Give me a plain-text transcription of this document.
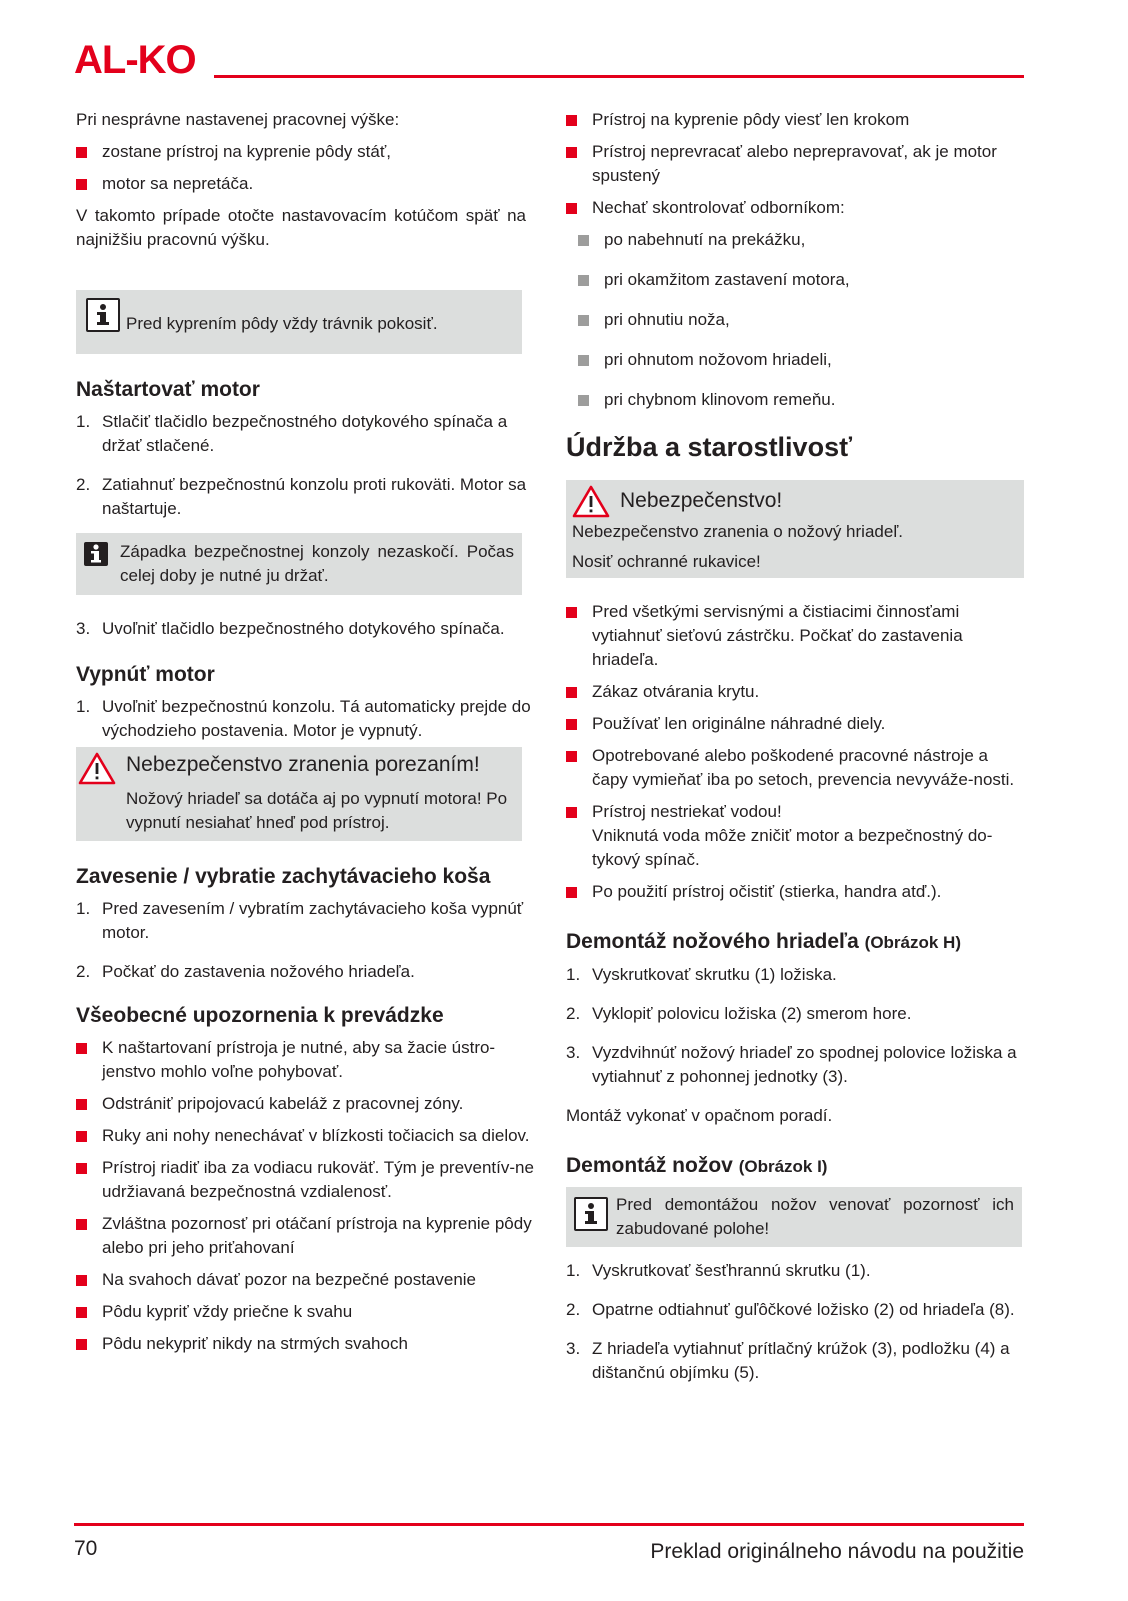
AL-KO

Pri nesprávne nastavenej pracovnej výške:

zostane prístroj na kyprenie pôdy stáť,
motor sa nepretáča.

V takomto prípade otočte nastavovacím kotúčom späť na najnižšiu pracovnú výšku.

Pred kyprením pôdy vždy trávnik pokosiť.
Naštartovať motor
1. Stlačiť tlačidlo bezpečnostného dotykového spínača a držať stlačené.
2. Zatiahnuť bezpečnostnú konzolu proti rukoväti. Motor sa naštartuje.
Západka bezpečnostnej konzoly nezaskočí. Počas celej doby je nutné ju držať.
3. Uvoľniť tlačidlo bezpečnostného dotykového spínača.
Vypnúť motor
1. Uvoľniť bezpečnostnú konzolu. Tá automaticky prejde do východzieho postavenia. Motor je vypnutý.
Nebezpečenstvo zranenia porezaním!
Nožový hriadeľ sa dotáča aj po vypnutí motora! Po vypnutí nesiahať hneď pod prístroj.
Zavesenie / vybratie zachytávacieho koša
1. Pred zavesením / vybratím zachytávacieho koša vypnúť motor.
2. Počkať do zastavenia nožového hriadeľa.
Všeobecné upozornenia k prevádzke
K naštartovaní prístroja je nutné, aby sa žacie ústro-jenstvo mohlo voľne pohybovať.
Odstrániť pripojovacú kabeláž z pracovnej zóny.
Ruky ani nohy nenechávať v blízkosti točiacich sa dielov.
Prístroj riadiť iba za vodiacu rukoväť. Tým je preventív-ne udržiavaná bezpečnostná vzdialenosť.
Zvláštna pozornosť pri otáčaní prístroja na kyprenie pôdy alebo pri jeho priťahovaní
Na svahoch dávať pozor na bezpečné postavenie
Pôdu kypriť vždy priečne k svahu
Pôdu nekypriť nikdy na strmých svahoch
Prístroj na kyprenie pôdy viesť len krokom
Prístroj neprevracať alebo neprepravovať, ak je motor spustený
Nechať skontrolovať odborníkom:
po nabehnutí na prekážku,
pri okamžitom zastavení motora,
pri ohnutiu noža,
pri ohnutom nožovom hriadeli,
pri chybnom klinovom remeňu.
Údržba a starostlivosť
Nebezpečenstvo!
Nebezpečenstvo zranenia o nožový hriadeľ.
Nosiť ochranné rukavice!
Pred všetkými servisnými a čistiacimi činnosťami vytiahnuť sieťovú zástrčku. Počkať do zastavenia hriadeľa.
Zákaz otvárania krytu.
Používať len originálne náhradné diely.
Opotrebované alebo poškodené pracovné nástroje a čapy vymieňať iba po setoch, prevencia nevyváže-nosti.
Prístroj nestriekať vodou!
Vniknutá voda môže zničiť motor a bezpečnostný do-tykový spínač.
Po použití prístroj očistiť (stierka, handra atď.).
Demontáž nožového hriadeľa (Obrázok H)
1. Vyskrutkovať skrutku (1) ložiska.
2. Vyklopiť polovicu ložiska (2) smerom hore.
3. Vyzdvihnúť nožový hriadeľ zo spodnej polovice ložiska a vytiahnuť z pohonnej jednotky (3).

Montáž vykonať v opačnom poradí.

Demontáž nožov (Obrázok I)
Pred demontážou nožov venovať pozornosť ich zabudované polohe!
1. Vyskrutkovať šesťhrannú skrutku (1).
2. Opatrne odtiahnuť guľôčkové ložisko (2) od hriadeľa (8).
3. Z hriadeľa vytiahnuť prítlačný krúžok (3), podložku (4) a dištančnú objímku (5).
70	Preklad originálneho návodu na použitie
